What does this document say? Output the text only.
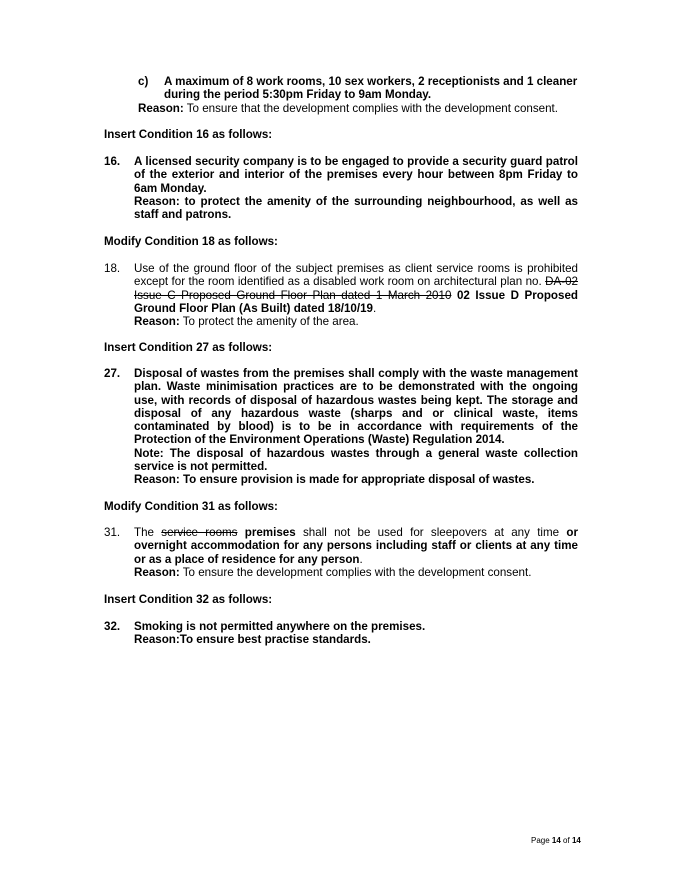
c) A maximum of 8 work rooms, 10 sex workers, 2 receptionists and 1 cleaner during the period 5:30pm Friday to 9am Monday.

Reason: To ensure that the development complies with the development consent.
Insert Condition 16 as follows:
16.	A licensed security company is to be engaged to provide a security guard patrol of the exterior and interior of the premises every hour between 8pm Friday to 6am Monday.

Reason: to protect the amenity of the surrounding neighbourhood, as well as staff and patrons.

Modify Condition 18 as follows:
18.	Use of the ground floor of the subject premises as client service rooms is prohibited except for the room identified as a disabled work room on architectural plan no. DA-02 Issue C Proposed Ground Floor Plan dated 1 March 2010 02 Issue D Proposed Ground Floor Plan (As Built) dated 18/10/19.

Reason: To protect the amenity of the area.

Insert Condition 27 as follows:
27.	Disposal of wastes from the premises shall comply with the waste management plan. Waste minimisation practices are to be demonstrated with the ongoing use, with records of disposal of hazardous wastes being kept. The storage and disposal of any hazardous waste (sharps and or clinical waste, items contaminated by blood) is to be in accordance with requirements of the Protection of the Environment Operations (Waste) Regulation 2014.

Note: The disposal of hazardous wastes through a general waste collection service is not permitted.

Reason: To ensure provision is made for appropriate disposal of wastes.

Modify Condition 31 as follows:
31.	The service rooms premises shall not be used for sleepovers at any time or overnight accommodation for any persons including staff or clients at any time or as a place of residence for any person.

Reason: To ensure the development complies with the development consent.

Insert Condition 32 as follows:
32.	Smoking is not permitted anywhere on the premises.

Reason:To ensure best practise standards.

Page 14 of 14
